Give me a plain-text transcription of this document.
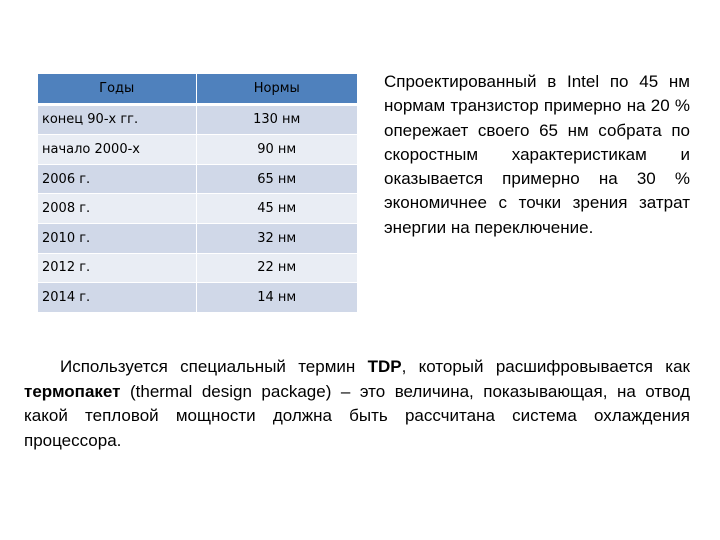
Годы	Нормы
конец 90-х гг.	130 нм
начало 2000-х	90 нм
2006 г.	65 нм
2008 г.	45 нм
2010 г.	32 нм
2012 г.	22 нм
2014 г.	14 нм
Спроектированный в Intel по 45 нм нормам транзистор примерно на 20 % опережает своего 65 нм собрата по скоростным характеристикам и оказывается примерно на 30 % экономичнее с точки зрения затрат энергии на переключение.
Используется специальный термин TDP, который расшифровывается как термопакет (thermal design package) – это величина, показывающая, на отвод какой тепловой мощности должна быть рассчитана система охлаждения процессора.
